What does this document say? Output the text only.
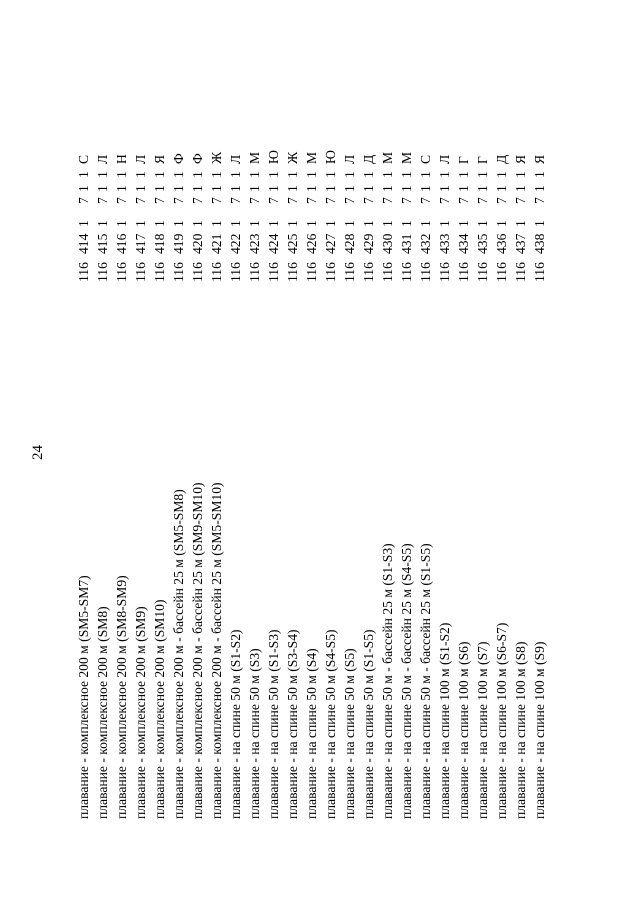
24
плавание - комплексное 200 м (SM5-SM7)
116
414
1
7
1
1
С
плавание - комплексное 200 м (SM8)
116
415
1
7
1
1
Л
плавание - комплексное 200 м (SM8-SM9)
116
416
1
7
1
1
Н
плавание - комплексное 200 м (SM9)
116
417
1
7
1
1
Л
плавание - комплексное 200 м (SM10)
116
418
1
7
1
1
Я
плавание - комплексное 200 м - бассейн 25 м (SM5-SM8)
116
419
1
7
1
1
Ф
плавание - комплексное 200 м - бассейн 25 м (SM9-SM10)
116
420
1
7
1
1
Ф
плавание - комплексное 200 м - бассейн 25 м (SM5-SM10)
116
421
1
7
1
1
Ж
плавание - на спине 50 м (S1-S2)
116
422
1
7
1
1
Л
плавание - на спине 50 м (S3)
116
423
1
7
1
1
М
плавание - на спине 50 м (S1-S3)
116
424
1
7
1
1
Ю
плавание - на спине 50 м (S3-S4)
116
425
1
7
1
1
Ж
плавание - на спине 50 м (S4)
116
426
1
7
1
1
М
плавание - на спине 50 м (S4-S5)
116
427
1
7
1
1
Ю
плавание - на спине 50 м (S5)
116
428
1
7
1
1
Л
плавание - на спине 50 м (S1-S5)
116
429
1
7
1
1
Д
плавание - на спине 50 м - бассейн 25 м (S1-S3)
116
430
1
7
1
1
М
плавание - на спине 50 м - бассейн 25 м (S4-S5)
116
431
1
7
1
1
М
плавание - на спине 50 м - бассейн 25 м (S1-S5)
116
432
1
7
1
1
С
плавание - на спине 100 м (S1-S2)
116
433
1
7
1
1
Л
плавание - на спине 100 м (S6)
116
434
1
7
1
1
Г
плавание - на спине 100 м (S7)
116
435
1
7
1
1
Г
плавание - на спине 100 м (S6-S7)
116
436
1
7
1
1
Д
плавание - на спине 100 м (S8)
116
437
1
7
1
1
Я
плавание - на спине 100 м (S9)
116
438
1
7
1
1
Я
